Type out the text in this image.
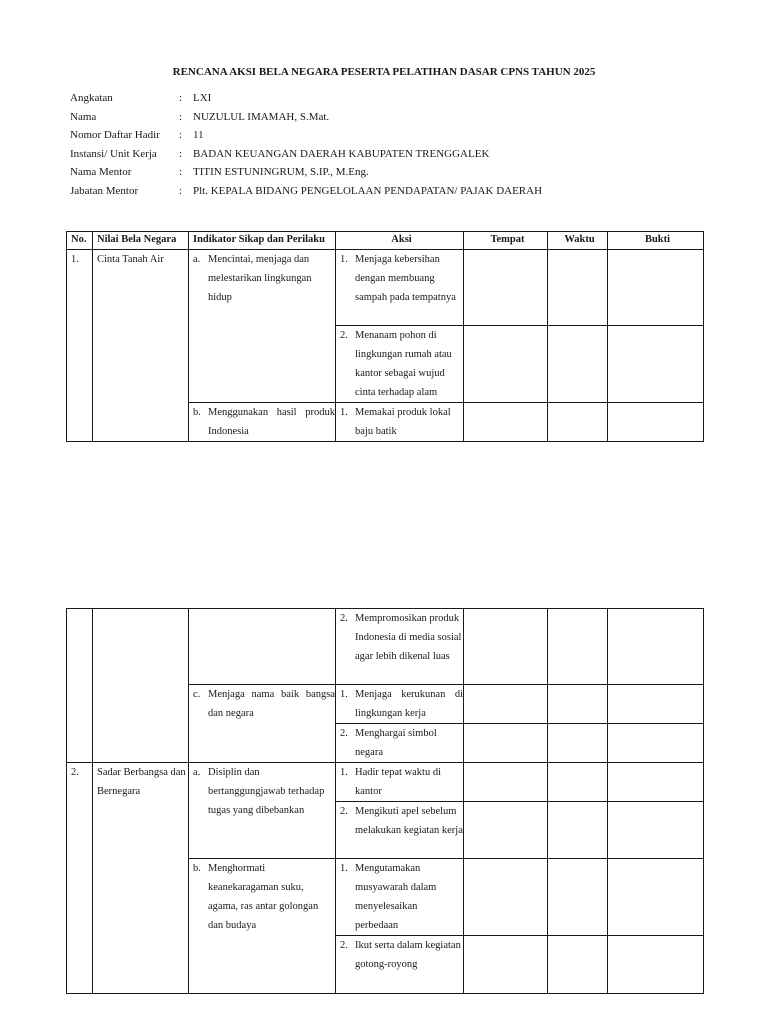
RENCANA AKSI BELA NEGARA PESERTA PELATIHAN DASAR CPNS TAHUN 2025
Angkatan	: LXI
Nama	: NUZULUL IMAMAH, S.Mat.
Nomor Daftar Hadir	: 11
Instansi/ Unit Kerja	: BADAN KEUANGAN DAERAH KABUPATEN TRENGGALEK
Nama Mentor	: TITIN ESTUNINGRUM, S.IP., M.Eng.
Jabatan Mentor	: Plt. KEPALA BIDANG PENGELOLAAN PENDAPATAN/ PAJAK DAERAH
No.	Nilai Bela Negara	Indikator Sikap dan Perilaku	Aksi	Tempat	Waktu	Bukti
1.	Cinta Tanah Air	a. Mencintai, menjaga dan melestarikan lingkungan hidup	1. Menjaga kebersihan dengan membuang sampah pada tempatnya			

			2. Menanam pohon di lingkungan rumah atau kantor sebagai wujud cinta terhadap alam			

		b. Menggunakan hasil produk Indonesia	1. Memakai produk lokal baju batik			

			2. Mempromosikan produk Indonesia di media sosial agar lebih dikenal luas			

		c. Menjaga nama baik bangsa dan negara	1. Menjaga kerukunan di lingkungan kerja			

			2. Menghargai simbol negara			

2.	Sadar Berbangsa dan Bernegara	a. Disiplin dan bertanggungjawab terhadap tugas yang dibebankan	1. Hadir tepat waktu di kantor			

			2. Mengikuti apel sebelum melakukan kegiatan kerja			

		b. Menghormati keanekaragaman suku, agama, ras antar golongan dan budaya	1. Mengutamakan musyawarah dalam menyelesaikan perbedaan			

			2. Ikut serta dalam kegiatan gotong-royong			
